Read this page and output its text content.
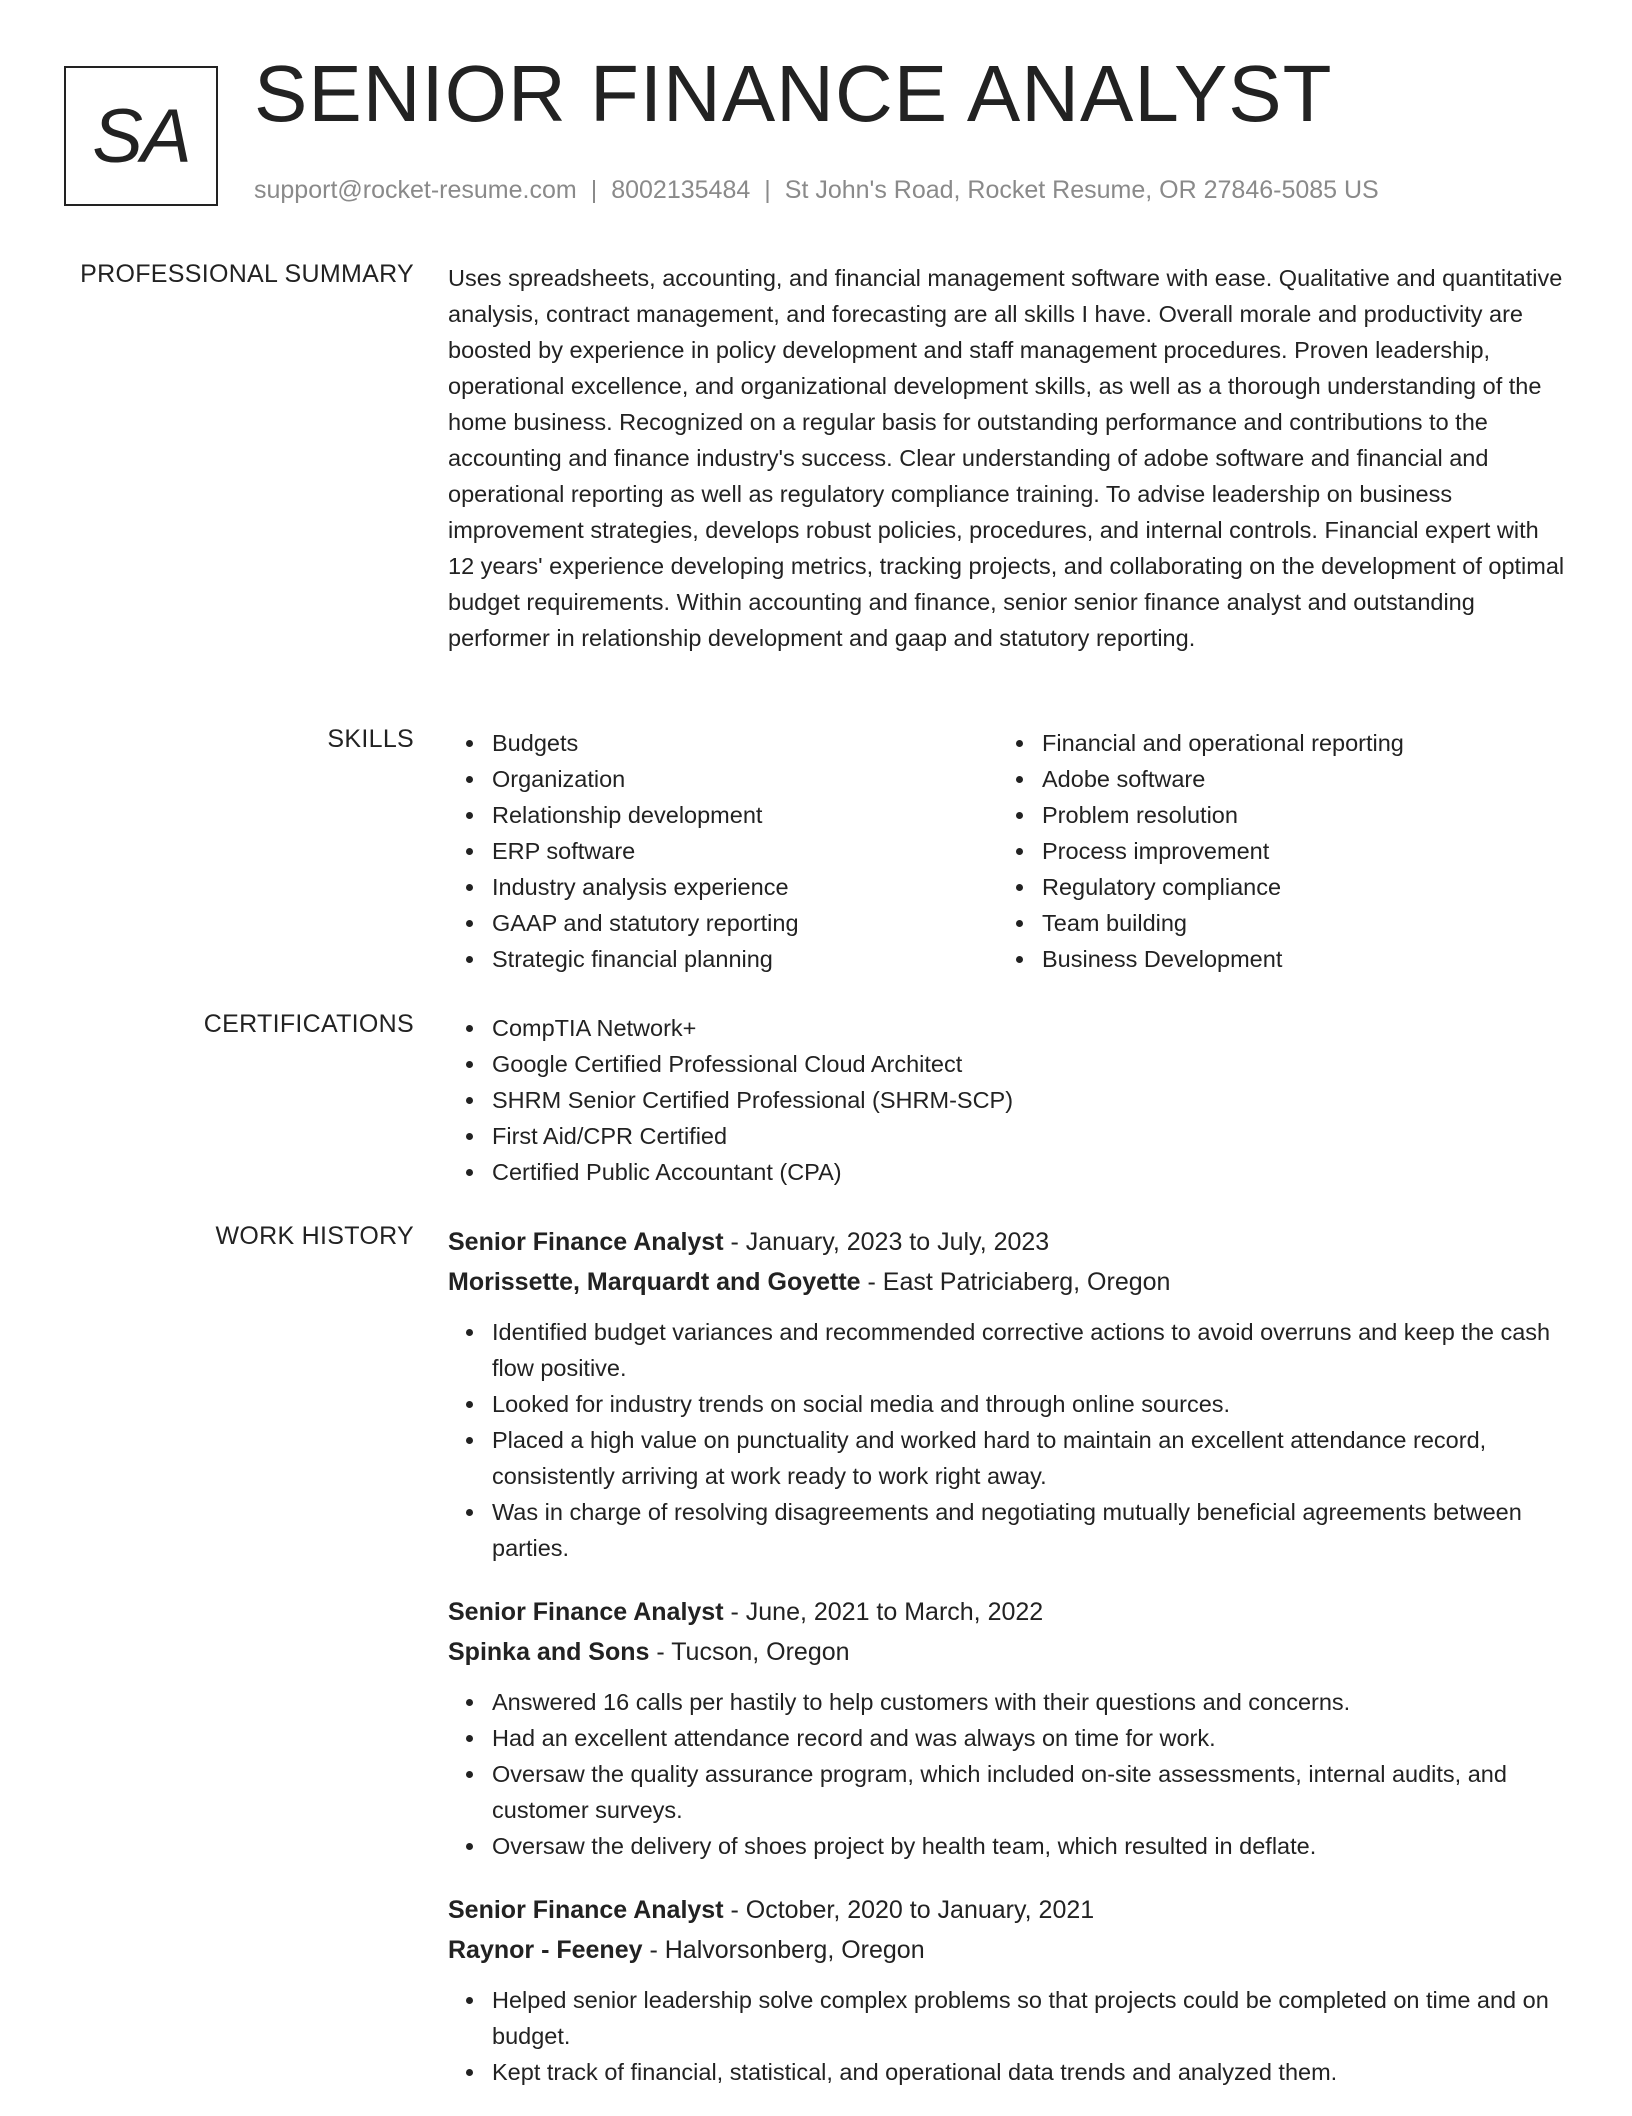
SA SENIOR FINANCE ANALYST
support@rocket-resume.com | 8002135484 | St John's Road, Rocket Resume, OR 27846-5085 US
PROFESSIONAL SUMMARY Uses spreadsheets, accounting, and financial management software with ease. Qualitative and quantitative analysis, contract management, and forecasting are all skills I have. Overall morale and productivity are boosted by experience in policy development and staff management procedures. Proven leadership, operational excellence, and organizational development skills, as well as a thorough understanding of the home business. Recognized on a regular basis for outstanding performance and contributions to the accounting and finance industry's success. Clear understanding of adobe software and financial and operational reporting as well as regulatory compliance training. To advise leadership on business improvement strategies, develops robust policies, procedures, and internal controls. Financial expert with 12 years' experience developing metrics, tracking projects, and collaborating on the development of optimal budget requirements. Within accounting and finance, senior senior finance analyst and outstanding performer in relationship development and gaap and statutory reporting.

SKILLS	Budgets
Organization
Relationship development
ERP software
Industry analysis experience
GAAP and statutory reporting
Strategic financial planning
Financial and operational reporting
Adobe software
Problem resolution
Process improvement
Regulatory compliance
Team building
Business Development
CERTIFICATIONS	CompTIA Network+
Google Certified Professional Cloud Architect
SHRM Senior Certified Professional (SHRM-SCP)
First Aid/CPR Certified
Certified Public Accountant (CPA)
WORK HISTORY Senior Finance Analyst - January, 2023 to July, 2023
Morissette, Marquardt and Goyette - East Patriciaberg, Oregon
Identified budget variances and recommended corrective actions to avoid overruns and keep the cash flow positive.
Looked for industry trends on social media and through online sources.
Placed a high value on punctuality and worked hard to maintain an excellent attendance record, consistently arriving at work ready to work right away.
Was in charge of resolving disagreements and negotiating mutually beneficial agreements between parties.
Senior Finance Analyst - June, 2021 to March, 2022
Spinka and Sons - Tucson, Oregon
Answered 16 calls per hastily to help customers with their questions and concerns.
Had an excellent attendance record and was always on time for work.
Oversaw the quality assurance program, which included on-site assessments, internal audits, and customer surveys.
Oversaw the delivery of shoes project by health team, which resulted in deflate.
Senior Finance Analyst - October, 2020 to January, 2021
Raynor - Feeney - Halvorsonberg, Oregon
Helped senior leadership solve complex problems so that projects could be completed on time and on budget.
Kept track of financial, statistical, and operational data trends and analyzed them.
